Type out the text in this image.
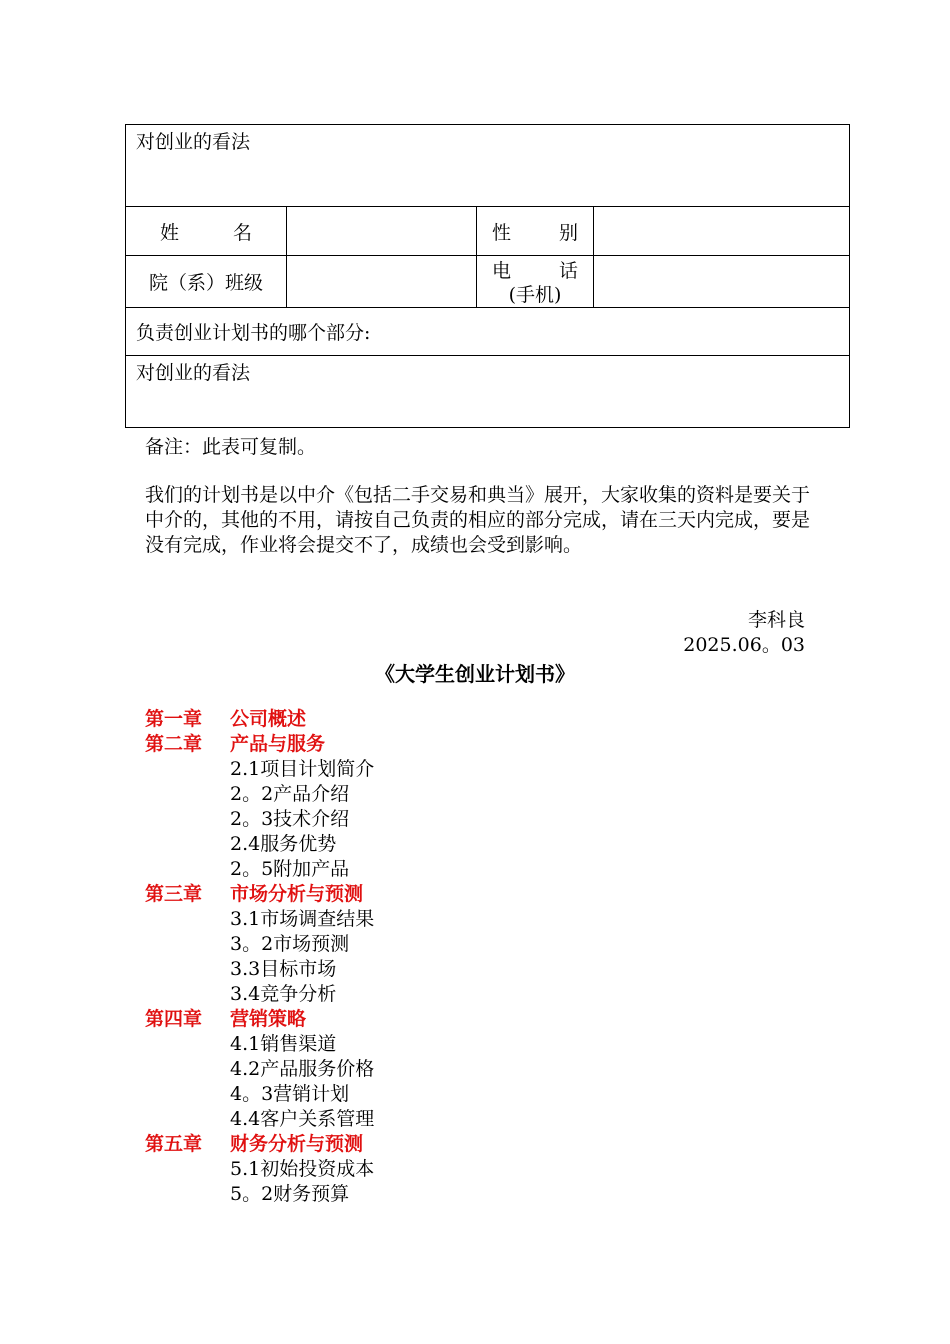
对创业的看法			

姓 名		性 别	

院（系）班级		电 话
(手机)	

负责创业计划书的哪个部分:			
对创业的看法			
备注：此表可复制。
我们的计划书是以中介《包括二手交易和典当》展开，大家收集的资料是要关于中介的，其他的不用，请按自己负责的相应的部分完成，请在三天内完成，要是没有完成，作业将会提交不了，成绩也会受到影响。
李科良
2025.06。03
《大学生创业计划书》
第一章	公司概述
第二章	产品与服务
2.1项目计划简介
2。2产品介绍
2。3技术介绍
2.4服务优势
2。5附加产品
第三章	市场分析与预测
3.1市场调查结果
3。2市场预测
3.3目标市场
3.4竞争分析
第四章	营销策略
4.1销售渠道
4.2产品服务价格
4。3营销计划
4.4客户关系管理
第五章	财务分析与预测
5.1初始投资成本
5。2财务预算
